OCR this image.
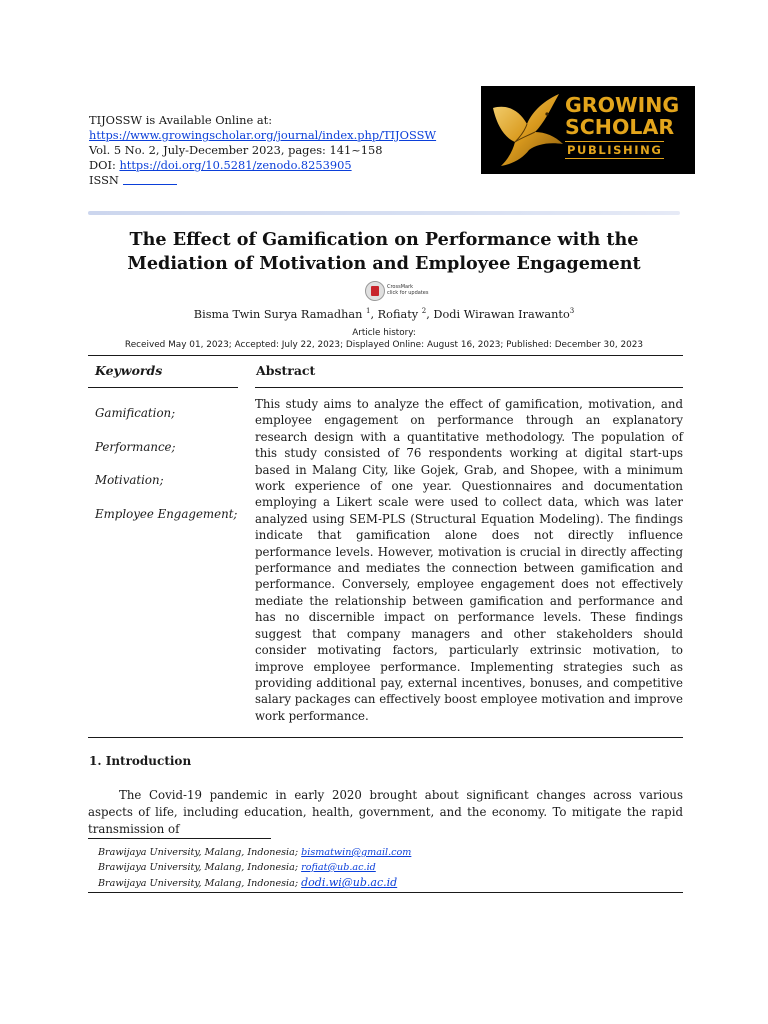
TIJOSSW is Available Online at:
https://www.growingscholar.org/journal/index.php/TIJOSSW
Vol. 5 No. 2, July-December 2023, pages: 141~158
DOI: https://doi.org/10.5281/zenodo.8253905
ISSN
GROWING
SCHOLAR
PUBLISHING
The Effect of Gamification on Performance with the Mediation of Motivation and Employee Engagement
CrossMark
click for updates
Bisma Twin Surya Ramadhan $^1$, Rofiaty $^2$, Dodi Wirawan Irawanto$^3$
Article history:
Received May 01, 2023; Accepted: July 22, 2023; Displayed Online: August 16, 2023; Published: December 30, 2023
Keywords
Gamification;
Performance;
Motivation;
Employee Engagement;
Abstract
This study aims to analyze the effect of gamification, motivation, and employee engagement on performance through an explanatory research design with a quantitative methodology. The population of this study consisted of 76 respondents working at digital start-ups based in Malang City, like Gojek, Grab, and Shopee, with a minimum work experience of one year. Questionnaires and documentation employing a Likert scale were used to collect data, which was later analyzed using SEM-PLS (Structural Equation Modeling). The findings indicate that gamification alone does not directly influence performance levels. However, motivation is crucial in directly affecting performance and mediates the connection between gamification and performance. Conversely, employee engagement does not effectively mediate the relationship between gamification and performance and has no discernible impact on performance levels. These findings suggest that company managers and other stakeholders should consider motivating factors, particularly extrinsic motivation, to improve employee performance. Implementing strategies such as providing additional pay, external incentives, bonuses, and competitive salary packages can effectively boost employee motivation and improve work performance.
1. Introduction
The Covid-19 pandemic in early 2020 brought about significant changes across various aspects of life, including education, health, government, and the economy. To mitigate the rapid transmission of
Brawijaya University, Malang, Indonesia; bismatwin@gmail.com
Brawijaya University, Malang, Indonesia; rofiat@ub.ac.id
Brawijaya University, Malang, Indonesia; dodi.wi@ub.ac.id
